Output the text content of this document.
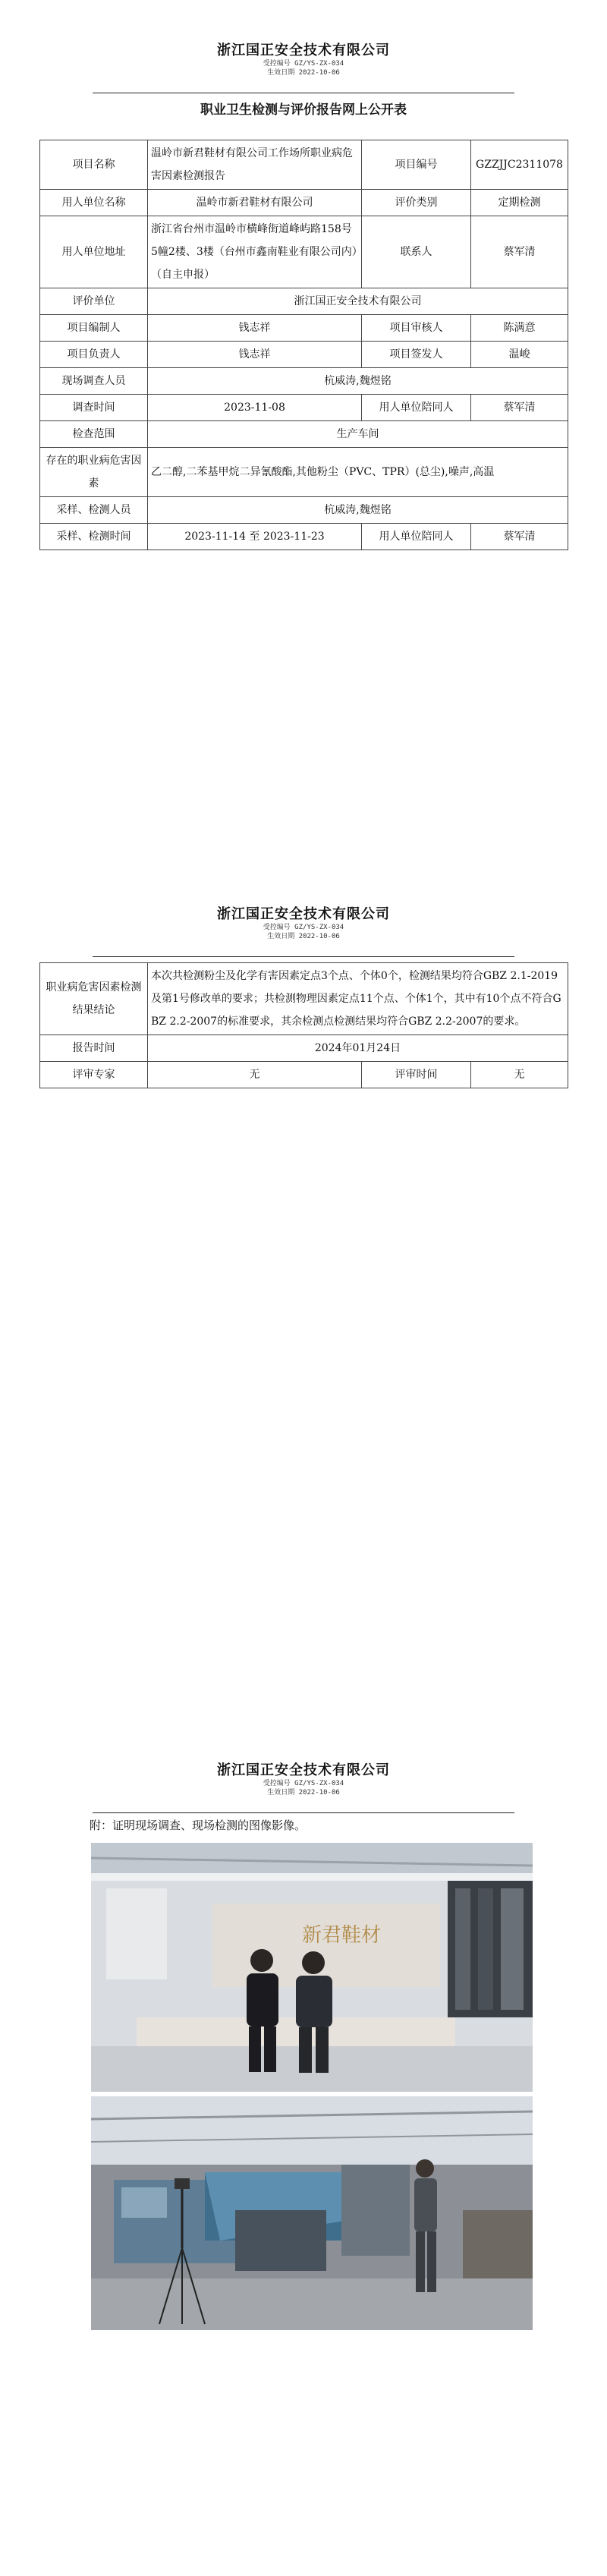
浙江国正安全技术有限公司
受控编号 GZ/YS-ZX-034
生效日期 2022-10-06
职业卫生检测与评价报告网上公开表
项目名称	温岭市新君鞋材有限公司工作场所职业病危害因素检测报告	项目编号	GZZJJC2311078
用人单位名称	温岭市新君鞋材有限公司	评价类别	定期检测
用人单位地址	浙江省台州市温岭市横峰街道峰屿路158号5幢2楼、3楼（台州市鑫南鞋业有限公司内）（自主申报）	联系人	蔡军清
评价单位	浙江国正安全技术有限公司		
项目编制人	钱志祥	项目审核人	陈满意
项目负责人	钱志祥	项目签发人	温峻
现场调查人员	杭威涛,魏煜铭		
调查时间	2023-11-08	用人单位陪同人	蔡军清
检查范围	生产车间		
存在的职业病危害因素	乙二醇,二苯基甲烷二异氰酸酯,其他粉尘（PVC、TPR）(总尘),噪声,高温		
采样、检测人员	杭威涛,魏煜铭		
采样、检测时间	2023-11-14 至 2023-11-23	用人单位陪同人	蔡军清
浙江国正安全技术有限公司
受控编号 GZ/YS-ZX-034
生效日期 2022-10-06
职业病危害因素检测结果结论	本次共检测粉尘及化学有害因素定点3个点、个体0个，检测结果均符合GBZ 2.1-2019及第1号修改单的要求；共检测物理因素定点11个点、个体1个，其中有10个点不符合GBZ 2.2-2007的标准要求，其余检测点检测结果均符合GBZ 2.2-2007的要求。		
报告时间	2024年01月24日		
评审专家	无	评审时间	无
浙江国正安全技术有限公司
受控编号 GZ/YS-ZX-034
生效日期 2022-10-06
附：证明现场调查、现场检测的图像影像。
新君鞋材
